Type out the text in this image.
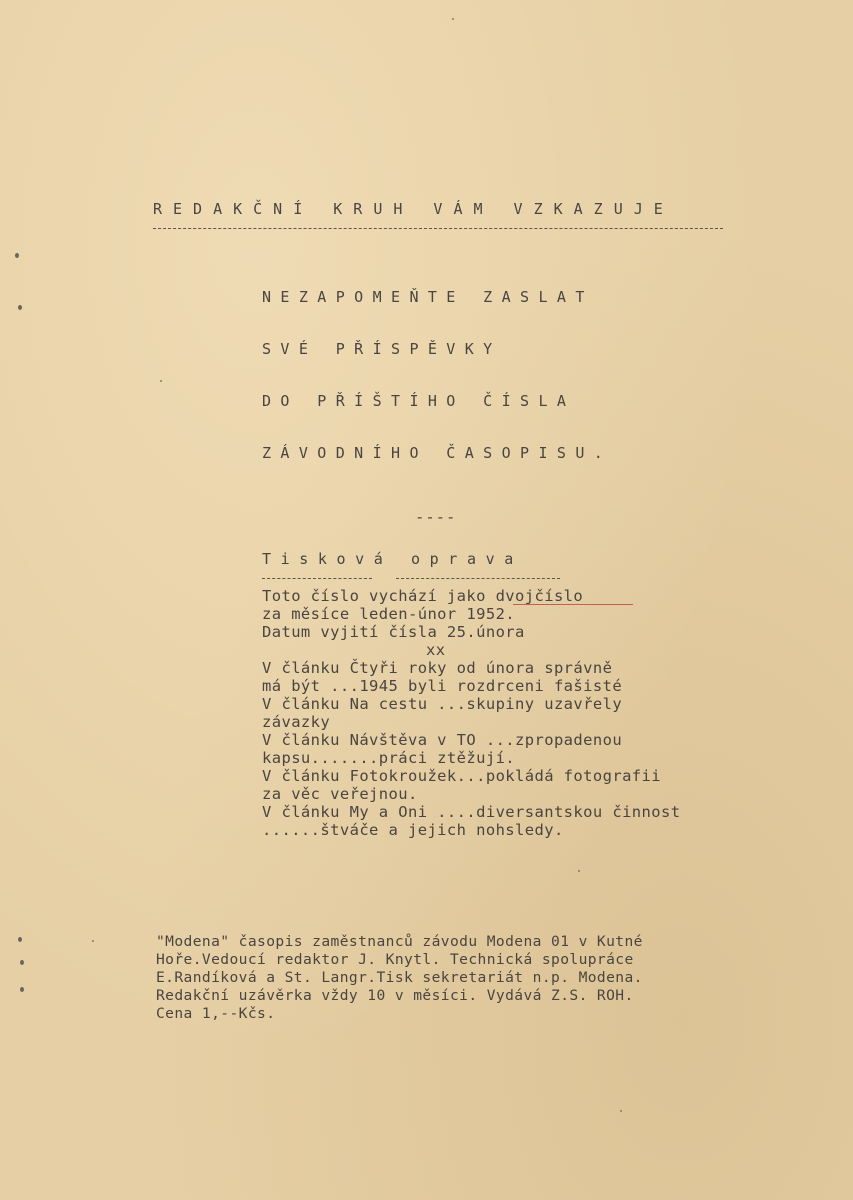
REDAKČNÍ KRUH VÁM VZKAZUJE
NEZAPOMEŇTE ZASLAT
SVÉ PŘÍSPĚVKY
DO PŘÍŠTÍHO ČÍSLA
ZÁVODNÍHO ČASOPISU.
----
Tisková oprava
Toto číslo vychází jako dvojčíslo
za měsíce leden-únor 1952.
Datum vyjití čísla 25.února
xx
V článku Čtyři roky od února správně
má být ...1945 byli rozdrceni fašisté
V článku Na cestu ...skupiny uzavřely
závazky
V článku Návštěva v TO ...zpropadenou
kapsu.......práci ztěžují.
V článku Fotokroužek...pokládá fotografii
za věc veřejnou.
V článku My a Oni ....diversantskou činnost
......štváče a jejich nohsledy.
"Modena" časopis zaměstnanců závodu Modena 01 v Kutné
Hoře.Vedoucí redaktor J. Knytl. Technická spolupráce
E.Randíková a St. Langr.Tisk sekretariát n.p. Modena.
Redakční uzávěrka vždy 10 v měsíci. Vydává Z.S. ROH.
Cena 1,--Kčs.
